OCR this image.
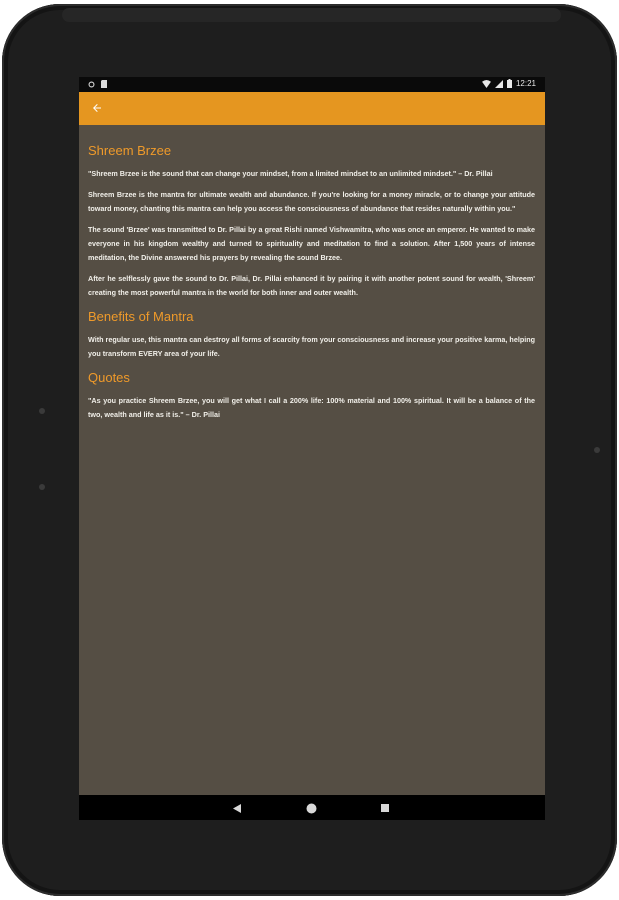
12:21
Shreem Brzee

"Shreem Brzee is the sound that can change your mindset, from a limited mindset to an unlimited mindset." – Dr. Pillai

Shreem Brzee is the mantra for ultimate wealth and abundance. If you're looking for a money miracle, or to change your attitude toward money, chanting this mantra can help you access the consciousness of abundance that resides naturally within you."

The sound 'Brzee' was transmitted to Dr. Pillai by a great Rishi named Vishwamitra, who was once an emperor. He wanted to make everyone in his kingdom wealthy and turned to spirituality and meditation to find a solution. After 1,500 years of intense meditation, the Divine answered his prayers by revealing the sound Brzee.

After he selflessly gave the sound to Dr. Pillai, Dr. Pillai enhanced it by pairing it with another potent sound for wealth, 'Shreem' creating the most powerful mantra in the world for both inner and outer wealth.

Benefits of Mantra

With regular use, this mantra can destroy all forms of scarcity from your consciousness and increase your positive karma, helping you transform EVERY area of your life.

Quotes

"As you practice Shreem Brzee, you will get what I call a 200% life: 100% material and 100% spiritual. It will be a balance of the two, wealth and life as it is." – Dr. Pillai
